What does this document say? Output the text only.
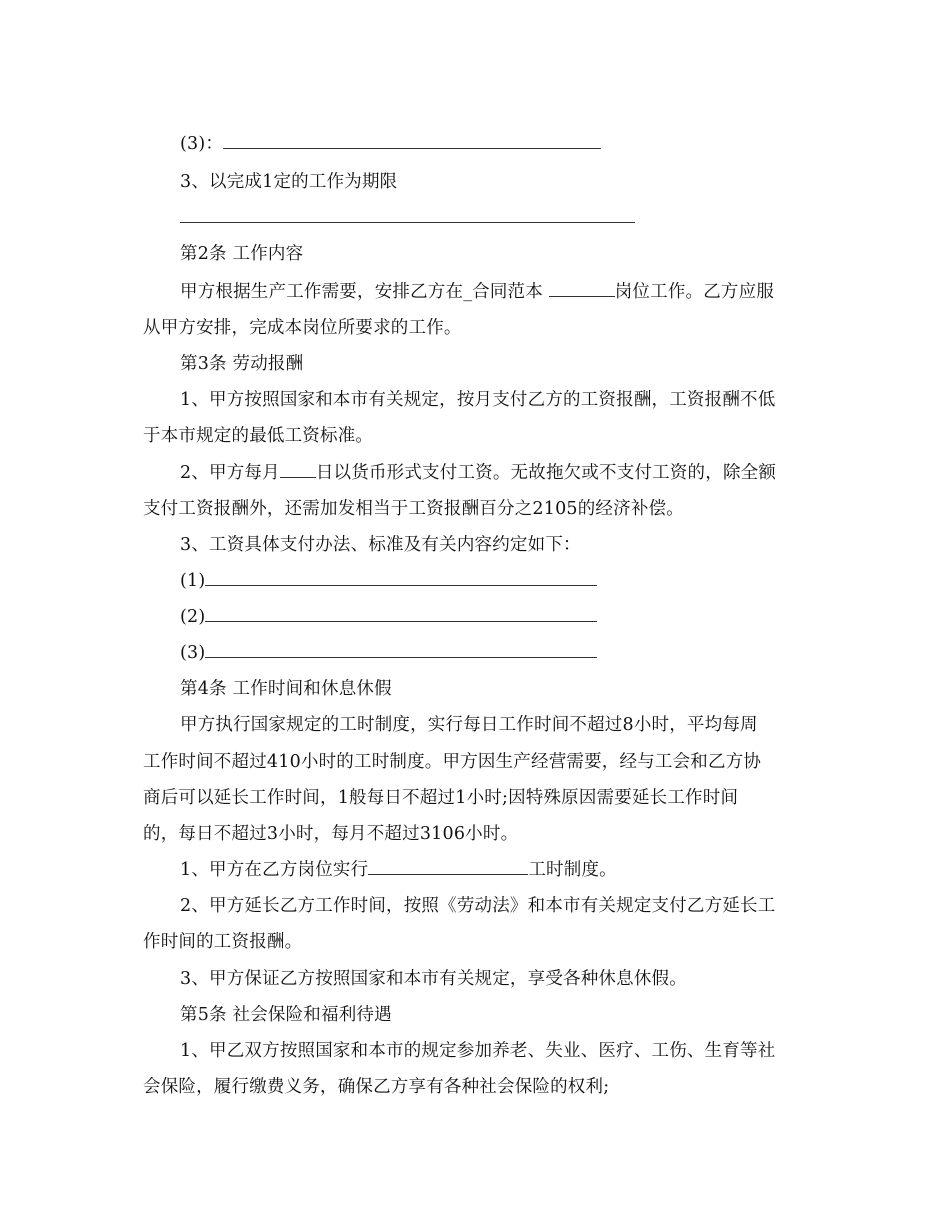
(3)：
3、以完成1定的工作为期限
第2条 工作内容
甲方根据生产工作需要，安排乙方在_合同范本	岗位工作。乙方应服
从甲方安排，完成本岗位所要求的工作。
第3条 劳动报酬
1、甲方按照国家和本市有关规定，按月支付乙方的工资报酬，工资报酬不低
于本市规定的最低工资标准。
2、甲方每月 日以货币形式支付工资。无故拖欠或不支付工资的，除全额
支付工资报酬外，还需加发相当于工资报酬百分之2105的经济补偿。
3、工资具体支付办法、标准及有关内容约定如下：
(1)
(2)
(3)
第4条 工作时间和休息休假
甲方执行国家规定的工时制度，实行每日工作时间不超过8小时，平均每周
工作时间不超过410小时的工时制度。甲方因生产经营需要，经与工会和乙方协
商后可以延长工作时间，1般每日不超过1小时;因特殊原因需要延长工作时间
的，每日不超过3小时，每月不超过3106小时。
1、甲方在乙方岗位实行	工时制度。
2、甲方延长乙方工作时间，按照《劳动法》和本市有关规定支付乙方延长工
作时间的工资报酬。
3、甲方保证乙方按照国家和本市有关规定，享受各种休息休假。
第5条 社会保险和福利待遇
1、甲乙双方按照国家和本市的规定参加养老、失业、医疗、工伤、生育等社
会保险，履行缴费义务，确保乙方享有各种社会保险的权利;
